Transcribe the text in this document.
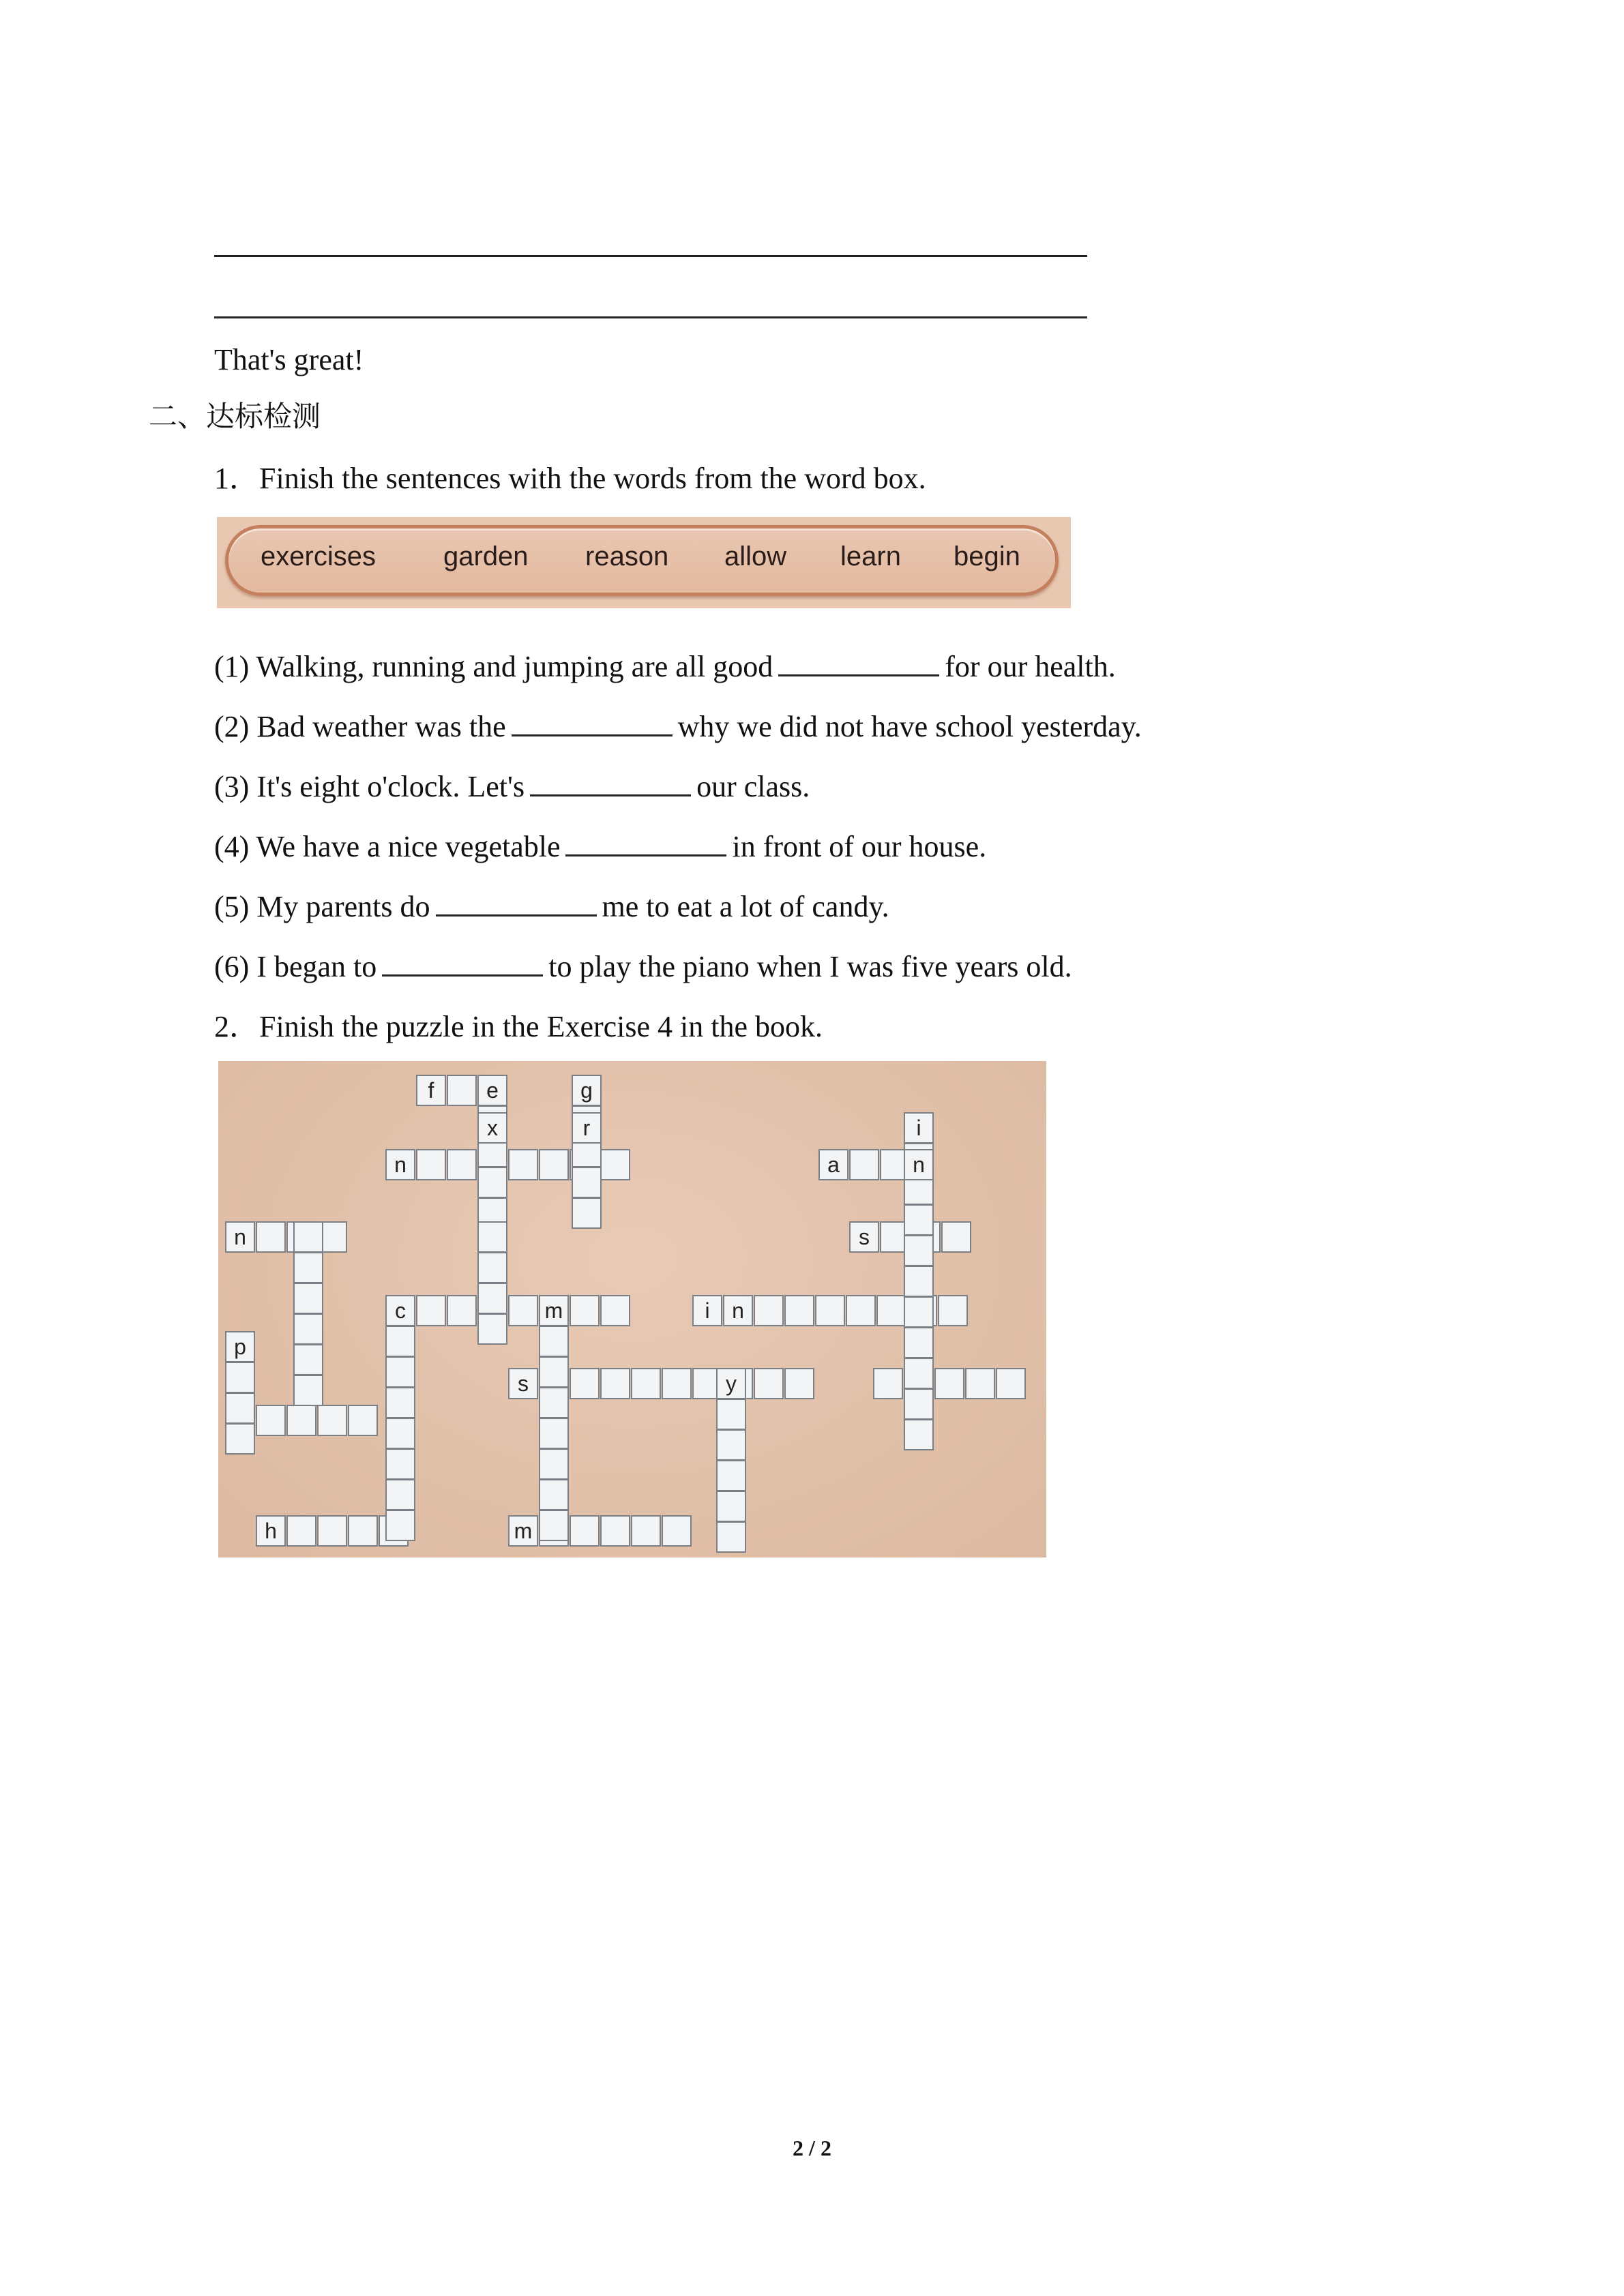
That's great!
二、达标检测
1．Finish the sentences with the words from the word box.
exercises garden reason allow learn begin
(1) Walking, running and jumping are all good	for our health.
(2) Bad weather was the	why we did not have school yesterday.
(3) It's eight o'clock. Let's	our class.
(4) We have a nice vegetable	in front of our house.
(5) My parents do	me to eat a lot of candy.
(6) I began to	to play the piano when I was five years old.
2．Finish the puzzle in the Exercise 4 in the book.
f
n	a
n	s
c	m	i	n
s
h	m
e	g
i
p
y
x	r
n
2 / 2
